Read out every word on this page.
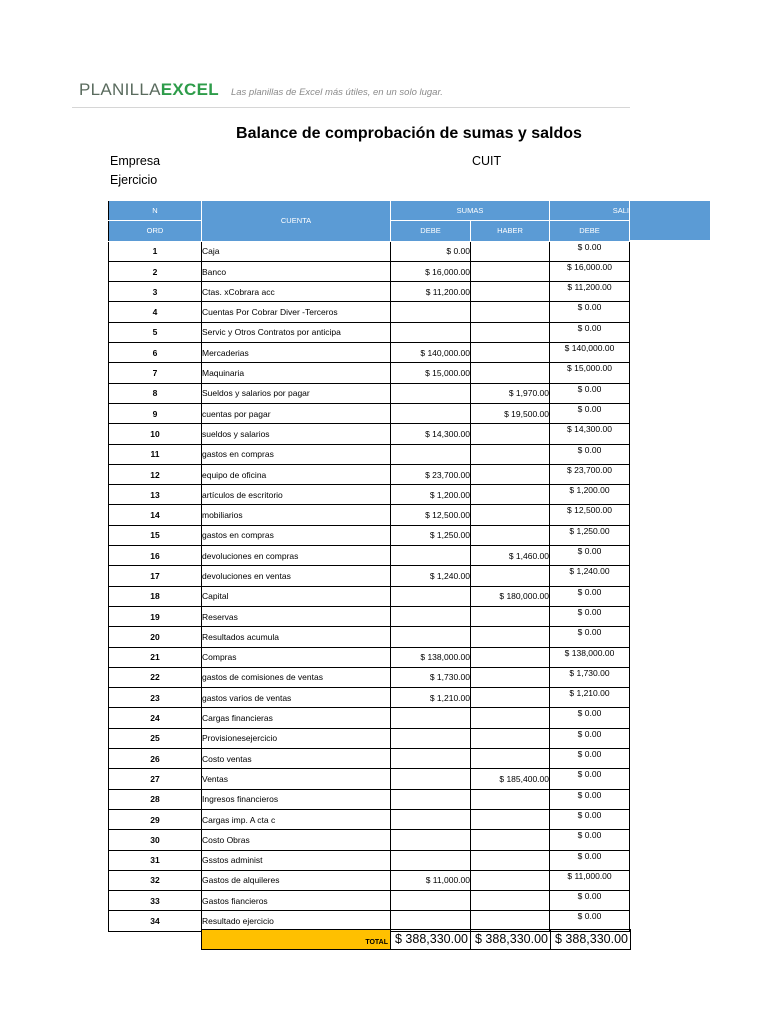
PLANILLAEXCEL Las planillas de Excel más útiles, en un solo lugar.
Balance de comprobación de sumas y saldos
Empresa
Ejercicio
CUIT
N	CUENTA	SUMAS		SALI
ORD		DEBE	HABER	DEBE
1	Caja	$ 0.00		$ 0.00
2	Banco	$ 16,000.00		$ 16,000.00
3	Ctas. xCobrara acc	$ 11,200.00		$ 11,200.00
4	Cuentas Por Cobrar Diver -Terceros			$ 0.00
5	Servic y Otros Contratos por anticipa			$ 0.00
6	Mercaderias	$ 140,000.00		$ 140,000.00
7	Maquinaria	$ 15,000.00		$ 15,000.00
8	Sueldos y salarios por pagar		$ 1,970.00	$ 0.00
9	cuentas por pagar		$ 19,500.00	$ 0.00
10	sueldos y salarios	$ 14,300.00		$ 14,300.00
11	gastos en compras			$ 0.00
12	equipo de oficina	$ 23,700.00		$ 23,700.00
13	artículos de escritorio	$ 1,200.00		$ 1,200.00
14	mobiliarios	$ 12,500.00		$ 12,500.00
15	gastos en compras	$ 1,250.00		$ 1,250.00
16	devoluciones en compras		$ 1,460.00	$ 0.00
17	devoluciones en ventas	$ 1,240.00		$ 1,240.00
18	Capital		$ 180,000.00	$ 0.00
19	Reservas			$ 0.00
20	Resultados acumula			$ 0.00
21	Compras	$ 138,000.00		$ 138,000.00
22	gastos de comisiones de ventas	$ 1,730.00		$ 1,730.00
23	gastos varios de ventas	$ 1,210.00		$ 1,210.00
24	Cargas financieras			$ 0.00
25	Provisionesejercicio			$ 0.00
26	Costo ventas			$ 0.00
27	Ventas		$ 185,400.00	$ 0.00
28	Ingresos financieros			$ 0.00
29	Cargas imp. A cta c			$ 0.00
30	Costo Obras			$ 0.00
31	Gsstos administ			$ 0.00
32	Gastos de alquileres	$ 11,000.00		$ 11,000.00
33	Gastos fiancieros			$ 0.00
34	Resultado ejercicio			$ 0.00
TOTAL $ 388,330.00 $ 388,330.00 $ 388,330.00
